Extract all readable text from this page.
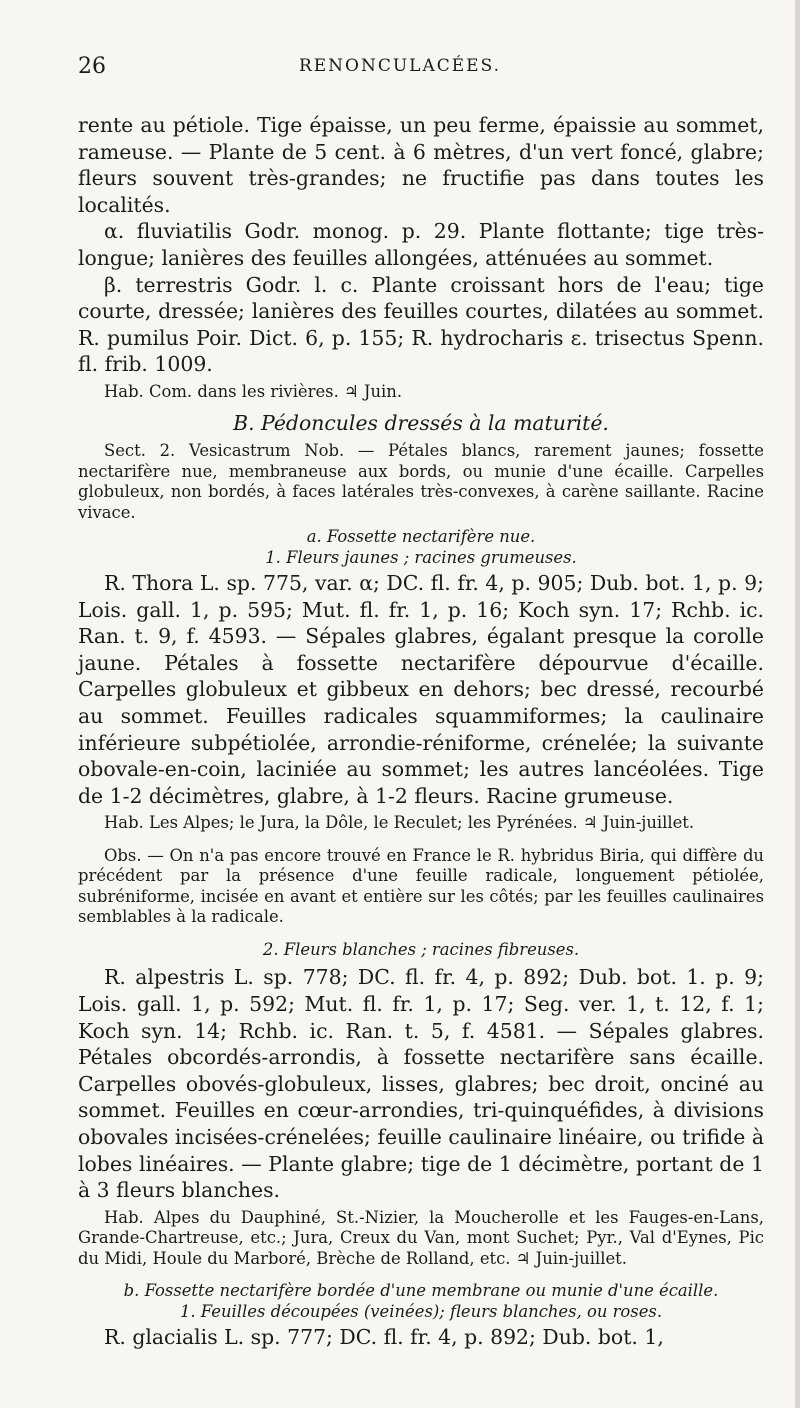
26	RENONCULACÉES.

rente au pétiole. Tige épaisse, un peu ferme, épaissie au sommet, rameuse. — Plante de 5 cent. à 6 mètres, d'un vert foncé, glabre; fleurs souvent très-grandes; ne fructifie pas dans toutes les localités.

α. fluviatilis Godr. monog. p. 29. Plante flottante; tige très-longue; lanières des feuilles allongées, atténuées au sommet.

β. terrestris Godr. l. c. Plante croissant hors de l'eau; tige courte, dressée; lanières des feuilles courtes, dilatées au sommet. R. pumilus Poir. Dict. 6, p. 155; R. hydrocharis ε. trisectus Spenn. fl. frib. 1009.

Hab. Com. dans les rivières. ♃ Juin.

B. Pédoncules dressés à la maturité.

Sect. 2. Vesicastrum Nob. — Pétales blancs, rarement jaunes; fossette nectarifère nue, membraneuse aux bords, ou munie d'une écaille. Carpelles globuleux, non bordés, à faces latérales très-convexes, à carène saillante. Racine vivace.

a. Fossette nectarifère nue.

1. Fleurs jaunes ; racines grumeuses.

R. Thora L. sp. 775, var. α; DC. fl. fr. 4, p. 905; Dub. bot. 1, p. 9; Lois. gall. 1, p. 595; Mut. fl. fr. 1, p. 16; Koch syn. 17; Rchb. ic. Ran. t. 9, f. 4593. — Sépales glabres, égalant presque la corolle jaune. Pétales à fossette nectarifère dépourvue d'écaille. Carpelles globuleux et gibbeux en dehors; bec dressé, recourbé au sommet. Feuilles radicales squammiformes; la caulinaire inférieure subpétiolée, arrondie-réniforme, crénelée; la suivante obovale-en-coin, laciniée au sommet; les autres lancéolées. Tige de 1-2 décimètres, glabre, à 1-2 fleurs. Racine grumeuse.

Hab. Les Alpes; le Jura, la Dôle, le Reculet; les Pyrénées. ♃ Juin-juillet.

Obs. — On n'a pas encore trouvé en France le R. hybridus Biria, qui diffère du précédent par la présence d'une feuille radicale, longuement pétiolée, subréniforme, incisée en avant et entière sur les côtés; par les feuilles caulinaires semblables à la radicale.

2. Fleurs blanches ; racines fibreuses.

R. alpestris L. sp. 778; DC. fl. fr. 4, p. 892; Dub. bot. 1. p. 9; Lois. gall. 1, p. 592; Mut. fl. fr. 1, p. 17; Seg. ver. 1, t. 12, f. 1; Koch syn. 14; Rchb. ic. Ran. t. 5, f. 4581. — Sépales glabres. Pétales obcordés-arrondis, à fossette nectarifère sans écaille. Carpelles obovés-globuleux, lisses, glabres; bec droit, onciné au sommet. Feuilles en cœur-arrondies, tri-quinquéfides, à divisions obovales incisées-crénelées; feuille caulinaire linéaire, ou trifide à lobes linéaires. — Plante glabre; tige de 1 décimètre, portant de 1 à 3 fleurs blanches.

Hab. Alpes du Dauphiné, St.-Nizier, la Moucherolle et les Fauges-en-Lans, Grande-Chartreuse, etc.; Jura, Creux du Van, mont Suchet; Pyr., Val d'Eynes, Pic du Midi, Houle du Marboré, Brèche de Rolland, etc. ♃ Juin-juillet.

b. Fossette nectarifère bordée d'une membrane ou munie d'une écaille.

1. Feuilles découpées (veinées); fleurs blanches, ou roses.

R. glacialis L. sp. 777; DC. fl. fr. 4, p. 892; Dub. bot. 1,
